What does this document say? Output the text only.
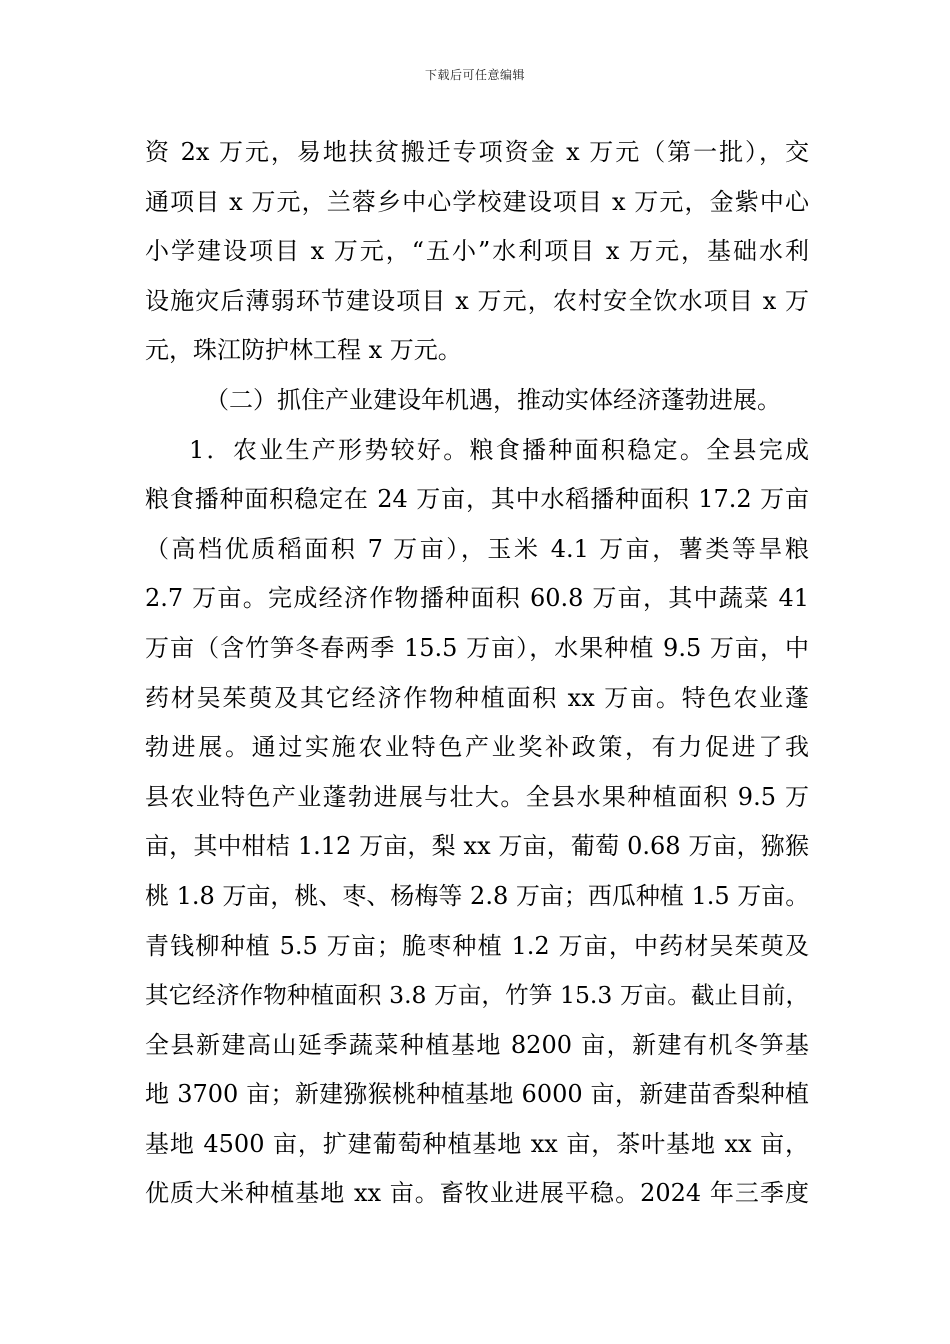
下载后可任意编辑
资 2x 万元，易地扶贫搬迁专项资金 x 万元（第一批），交
通项目 x 万元，兰蓉乡中心学校建设项目 x 万元，金紫中心
小学建设项目 x 万元，“五小”水利项目 x 万元，基础水利
设施灾后薄弱环节建设项目 x 万元，农村安全饮水项目 x 万
元，珠江防护林工程 x 万元。
（二）抓住产业建设年机遇，推动实体经济蓬勃进展。
1．农业生产形势较好。粮食播种面积稳定。全县完成
粮食播种面积稳定在 24 万亩，其中水稻播种面积 17.2 万亩
（高档优质稻面积 7 万亩），玉米 4.1 万亩，薯类等旱粮
2.7 万亩。完成经济作物播种面积 60.8 万亩，其中蔬菜 41
万亩（含竹笋冬春两季 15.5 万亩），水果种植 9.5 万亩，中
药材吴茱萸及其它经济作物种植面积 xx 万亩。特色农业蓬
勃进展。通过实施农业特色产业奖补政策，有力促进了我
县农业特色产业蓬勃进展与壮大。全县水果种植面积 9.5 万
亩，其中柑桔 1.12 万亩，梨 xx 万亩，葡萄 0.68 万亩，猕猴
桃 1.8 万亩，桃、枣、杨梅等 2.8 万亩；西瓜种植 1.5 万亩。
青钱柳种植 5.5 万亩；脆枣种植 1.2 万亩，中药材吴茱萸及
其它经济作物种植面积 3.8 万亩，竹笋 15.3 万亩。截止目前，
全县新建高山延季蔬菜种植基地 8200 亩，新建有机冬笋基
地 3700 亩；新建猕猴桃种植基地 6000 亩，新建苗香梨种植
基地 4500 亩，扩建葡萄种植基地 xx 亩，茶叶基地 xx 亩，
优质大米种植基地 xx 亩。畜牧业进展平稳。2024 年三季度
